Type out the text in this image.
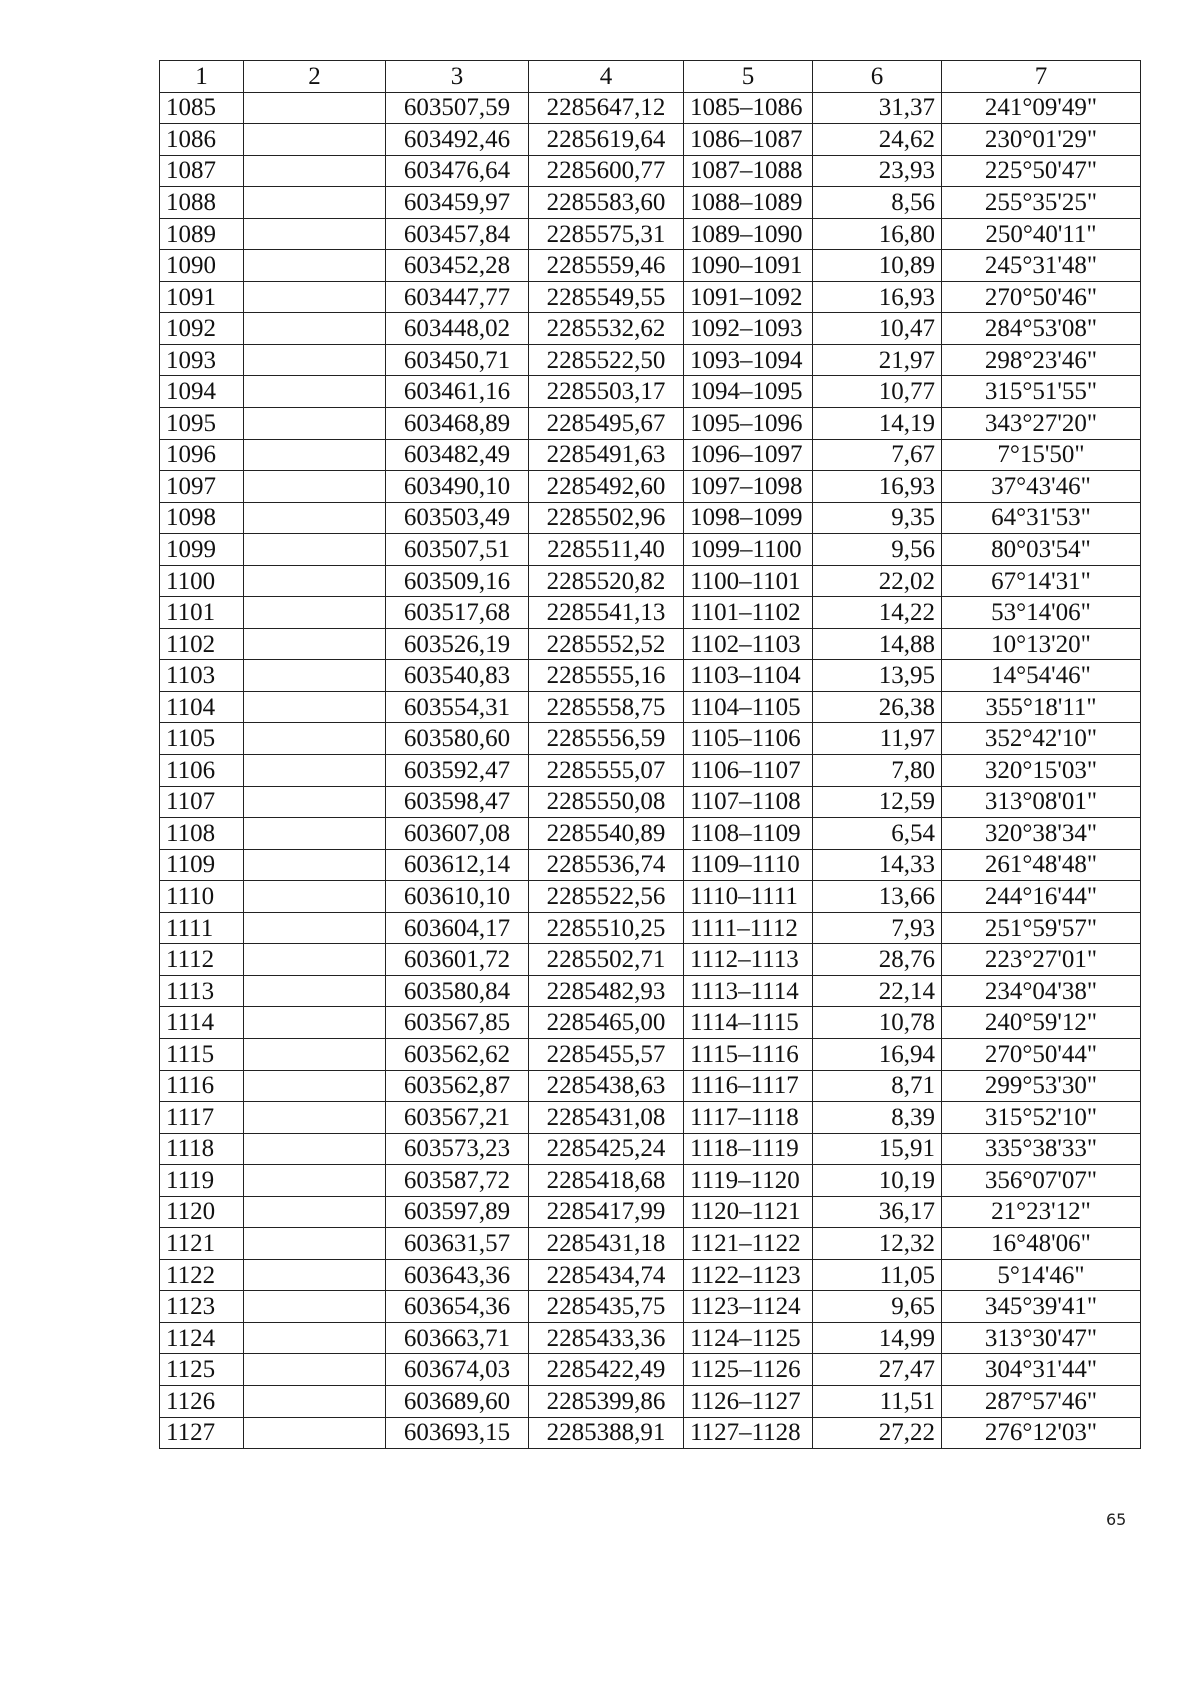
1	2	3	4	5	6	7
1085		603507,59	2285647,12	1085–1086	31,37	241°09'49"
1086		603492,46	2285619,64	1086–1087	24,62	230°01'29"
1087		603476,64	2285600,77	1087–1088	23,93	225°50'47"
1088		603459,97	2285583,60	1088–1089	8,56	255°35'25"
1089		603457,84	2285575,31	1089–1090	16,80	250°40'11"
1090		603452,28	2285559,46	1090–1091	10,89	245°31'48"
1091		603447,77	2285549,55	1091–1092	16,93	270°50'46"
1092		603448,02	2285532,62	1092–1093	10,47	284°53'08"
1093		603450,71	2285522,50	1093–1094	21,97	298°23'46"
1094		603461,16	2285503,17	1094–1095	10,77	315°51'55"
1095		603468,89	2285495,67	1095–1096	14,19	343°27'20"
1096		603482,49	2285491,63	1096–1097	7,67	7°15'50"
1097		603490,10	2285492,60	1097–1098	16,93	37°43'46"
1098		603503,49	2285502,96	1098–1099	9,35	64°31'53"
1099		603507,51	2285511,40	1099–1100	9,56	80°03'54"
1100		603509,16	2285520,82	1100–1101	22,02	67°14'31"
1101		603517,68	2285541,13	1101–1102	14,22	53°14'06"
1102		603526,19	2285552,52	1102–1103	14,88	10°13'20"
1103		603540,83	2285555,16	1103–1104	13,95	14°54'46"
1104		603554,31	2285558,75	1104–1105	26,38	355°18'11"
1105		603580,60	2285556,59	1105–1106	11,97	352°42'10"
1106		603592,47	2285555,07	1106–1107	7,80	320°15'03"
1107		603598,47	2285550,08	1107–1108	12,59	313°08'01"
1108		603607,08	2285540,89	1108–1109	6,54	320°38'34"
1109		603612,14	2285536,74	1109–1110	14,33	261°48'48"
1110		603610,10	2285522,56	1110–1111	13,66	244°16'44"
1111		603604,17	2285510,25	1111–1112	7,93	251°59'57"
1112		603601,72	2285502,71	1112–1113	28,76	223°27'01"
1113		603580,84	2285482,93	1113–1114	22,14	234°04'38"
1114		603567,85	2285465,00	1114–1115	10,78	240°59'12"
1115		603562,62	2285455,57	1115–1116	16,94	270°50'44"
1116		603562,87	2285438,63	1116–1117	8,71	299°53'30"
1117		603567,21	2285431,08	1117–1118	8,39	315°52'10"
1118		603573,23	2285425,24	1118–1119	15,91	335°38'33"
1119		603587,72	2285418,68	1119–1120	10,19	356°07'07"
1120		603597,89	2285417,99	1120–1121	36,17	21°23'12"
1121		603631,57	2285431,18	1121–1122	12,32	16°48'06"
1122		603643,36	2285434,74	1122–1123	11,05	5°14'46"
1123		603654,36	2285435,75	1123–1124	9,65	345°39'41"
1124		603663,71	2285433,36	1124–1125	14,99	313°30'47"
1125		603674,03	2285422,49	1125–1126	27,47	304°31'44"
1126		603689,60	2285399,86	1126–1127	11,51	287°57'46"
1127		603693,15	2285388,91	1127–1128	27,22	276°12'03"
65
